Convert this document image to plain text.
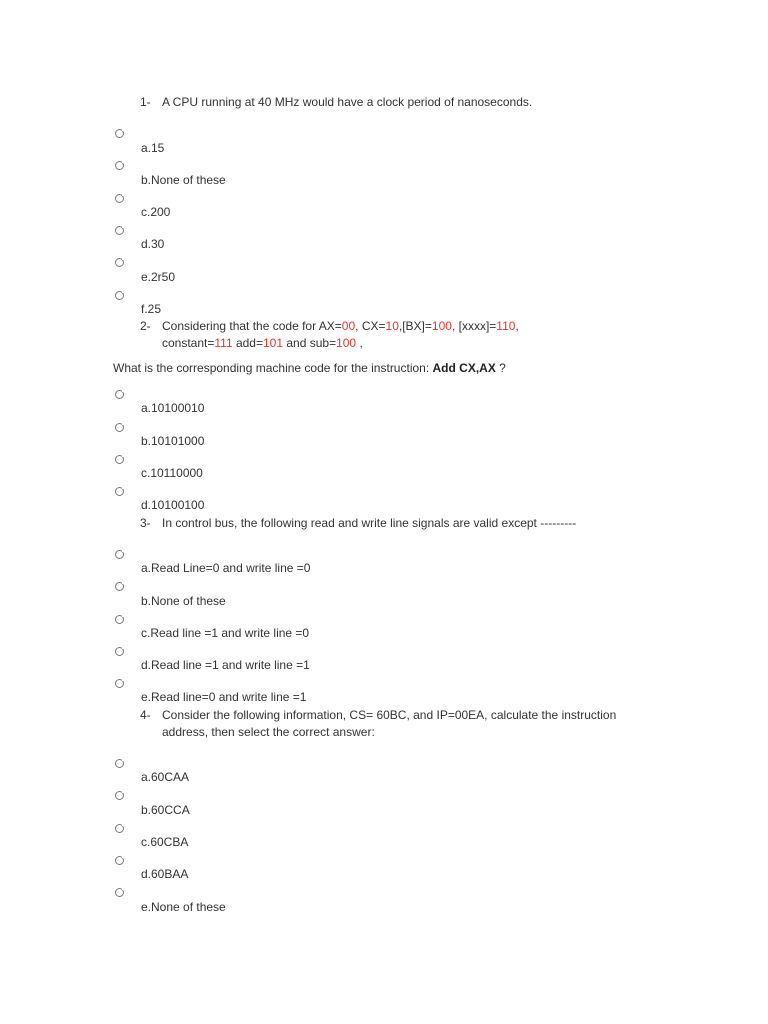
1- A CPU running at 40 MHz would have a clock period of nanoseconds.
a.15
b.None of these
c.200
d.30
e.2r50
f.25
2- Considering that the code for AX=00, CX=10,[BX]=100, [xxxx]=110,
constant=111 add=101 and sub=100 ,
What is the corresponding machine code for the instruction: Add CX,AX ?
a.10100010
b.10101000
c.10110000
d.10100100
3- In control bus, the following read and write line signals are valid except ---------
a.Read Line=0 and write line =0
b.None of these
c.Read line =1 and write line =0
d.Read line =1 and write line =1
e.Read line=0 and write line =1
4- Consider the following information, CS= 60BC, and IP=00EA, calculate the instruction
address, then select the correct answer:
a.60CAA
b.60CCA
c.60CBA
d.60BAA
e.None of these
